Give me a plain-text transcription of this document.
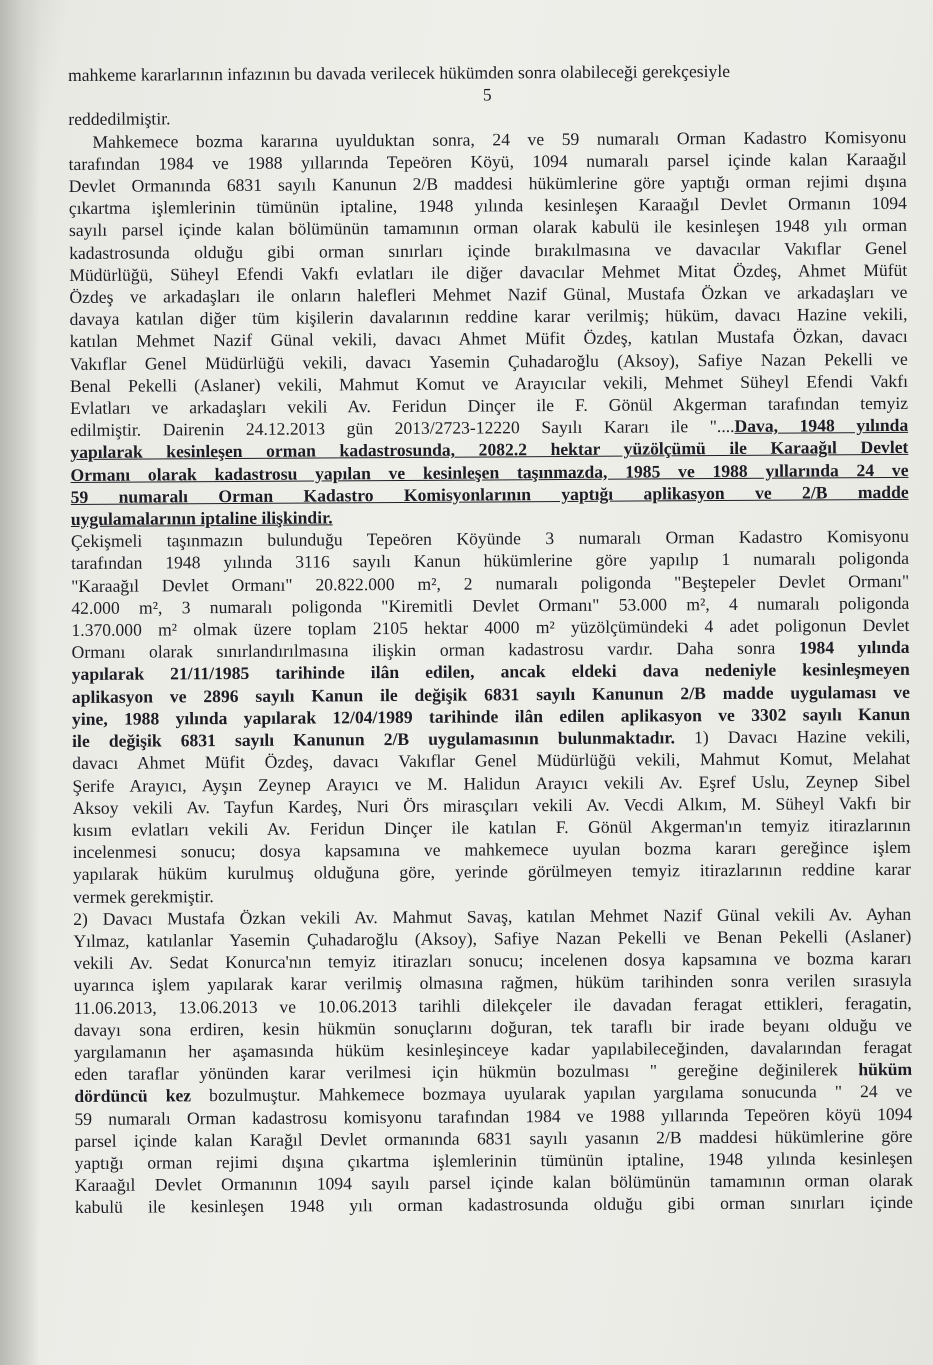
mahkeme kararlarının infazının bu davada verilecek hükümden sonra olabileceği gerekçesiyle
5
reddedilmiştir.
Mahkemece bozma kararına uyulduktan sonra, 24 ve 59 numaralı Orman Kadastro Komisyonu
tarafından 1984 ve 1988 yıllarında Tepeören Köyü, 1094 numaralı parsel içinde kalan Karaağıl
Devlet Ormanında 6831 sayılı Kanunun 2/B maddesi hükümlerine göre yaptığı orman rejimi dışına
çıkartma işlemlerinin tümünün iptaline, 1948 yılında kesinleşen Karaağıl Devlet Ormanın 1094
sayılı parsel içinde kalan bölümünün tamamının orman olarak kabulü ile kesinleşen 1948 yılı orman
kadastrosunda olduğu gibi orman sınırları içinde bırakılmasına ve davacılar Vakıflar Genel
Müdürlüğü, Süheyl Efendi Vakfı evlatları ile diğer davacılar Mehmet Mitat Özdeş, Ahmet Müfüt
Özdeş ve arkadaşları ile onların halefleri Mehmet Nazif Günal, Mustafa Özkan ve arkadaşları ve
davaya katılan diğer tüm kişilerin davalarının reddine karar verilmiş; hüküm, davacı Hazine vekili,
katılan Mehmet Nazif Günal vekili, davacı Ahmet Müfit Özdeş, katılan Mustafa Özkan, davacı
Vakıflar Genel Müdürlüğü vekili, davacı Yasemin Çuhadaroğlu (Aksoy), Safiye Nazan Pekelli ve
Benal Pekelli (Aslaner) vekili, Mahmut Komut ve Arayıcılar vekili, Mehmet Süheyl Efendi Vakfı
Evlatları ve arkadaşları vekili Av. Feridun Dinçer ile F. Gönül Akgerman tarafından temyiz
edilmiştir. Dairenin 24.12.2013 gün 2013/2723-12220 Sayılı Kararı ile "....Dava, 1948 yılında
yapılarak kesinleşen orman kadastrosunda, 2082.2 hektar yüzölçümü ile Karaağıl Devlet
Ormanı olarak kadastrosu yapılan ve kesinleşen taşınmazda, 1985 ve 1988 yıllarında 24 ve
59 numaralı Orman Kadastro Komisyonlarının yaptığı aplikasyon ve 2/B madde
uygulamalarının iptaline ilişkindir.
Çekişmeli taşınmazın bulunduğu Tepeören Köyünde 3 numaralı Orman Kadastro Komisyonu
tarafından 1948 yılında 3116 sayılı Kanun hükümlerine göre yapılıp 1 numaralı poligonda
"Karaağıl Devlet Ormanı" 20.822.000 m², 2 numaralı poligonda "Beştepeler Devlet Ormanı"
42.000 m², 3 numaralı poligonda "Kiremitli Devlet Ormanı" 53.000 m², 4 numaralı poligonda
1.370.000 m² olmak üzere toplam 2105 hektar 4000 m² yüzölçümündeki 4 adet poligonun Devlet
Ormanı olarak sınırlandırılmasına ilişkin orman kadastrosu vardır. Daha sonra 1984 yılında
yapılarak 21/11/1985 tarihinde ilân edilen, ancak eldeki dava nedeniyle kesinleşmeyen
aplikasyon ve 2896 sayılı Kanun ile değişik 6831 sayılı Kanunun 2/B madde uygulaması ve
yine, 1988 yılında yapılarak 12/04/1989 tarihinde ilân edilen aplikasyon ve 3302 sayılı Kanun
ile değişik 6831 sayılı Kanunun 2/B uygulamasının bulunmaktadır. 1) Davacı Hazine vekili,
davacı Ahmet Müfit Özdeş, davacı Vakıflar Genel Müdürlüğü vekili, Mahmut Komut, Melahat
Şerife Arayıcı, Ayşın Zeynep Arayıcı ve M. Halidun Arayıcı vekili Av. Eşref Uslu, Zeynep Sibel
Aksoy vekili Av. Tayfun Kardeş, Nuri Örs mirasçıları vekili Av. Vecdi Alkım, M. Süheyl Vakfı bir
kısım evlatları vekili Av. Feridun Dinçer ile katılan F. Gönül Akgerman'ın temyiz itirazlarının
incelenmesi sonucu; dosya kapsamına ve mahkemece uyulan bozma kararı gereğince işlem
yapılarak hüküm kurulmuş olduğuna göre, yerinde görülmeyen temyiz itirazlarının reddine karar
vermek gerekmiştir.
2) Davacı Mustafa Özkan vekili Av. Mahmut Savaş, katılan Mehmet Nazif Günal vekili Av. Ayhan
Yılmaz, katılanlar Yasemin Çuhadaroğlu (Aksoy), Safiye Nazan Pekelli ve Benan Pekelli (Aslaner)
vekili Av. Sedat Konurca'nın temyiz itirazları sonucu; incelenen dosya kapsamına ve bozma kararı
uyarınca işlem yapılarak karar verilmiş olmasına rağmen, hüküm tarihinden sonra verilen sırasıyla
11.06.2013, 13.06.2013 ve 10.06.2013 tarihli dilekçeler ile davadan feragat ettikleri, feragatin,
davayı sona erdiren, kesin hükmün sonuçlarını doğuran, tek taraflı bir irade beyanı olduğu ve
yargılamanın her aşamasında hüküm kesinleşinceye kadar yapılabileceğinden, davalarından feragat
eden taraflar yönünden karar verilmesi için hükmün bozulması " gereğine değinilerek hüküm
dördüncü kez bozulmuştur. Mahkemece bozmaya uyularak yapılan yargılama sonucunda " 24 ve
59 numaralı Orman kadastrosu komisyonu tarafından 1984 ve 1988 yıllarında Tepeören köyü 1094
parsel içinde kalan Karağıl Devlet ormanında 6831 sayılı yasanın 2/B maddesi hükümlerine göre
yaptığı orman rejimi dışına çıkartma işlemlerinin tümünün iptaline, 1948 yılında kesinleşen
Karaağıl Devlet Ormanının 1094 sayılı parsel içinde kalan bölümünün tamamının orman olarak
kabulü ile kesinleşen 1948 yılı orman kadastrosunda olduğu gibi orman sınırları içinde
